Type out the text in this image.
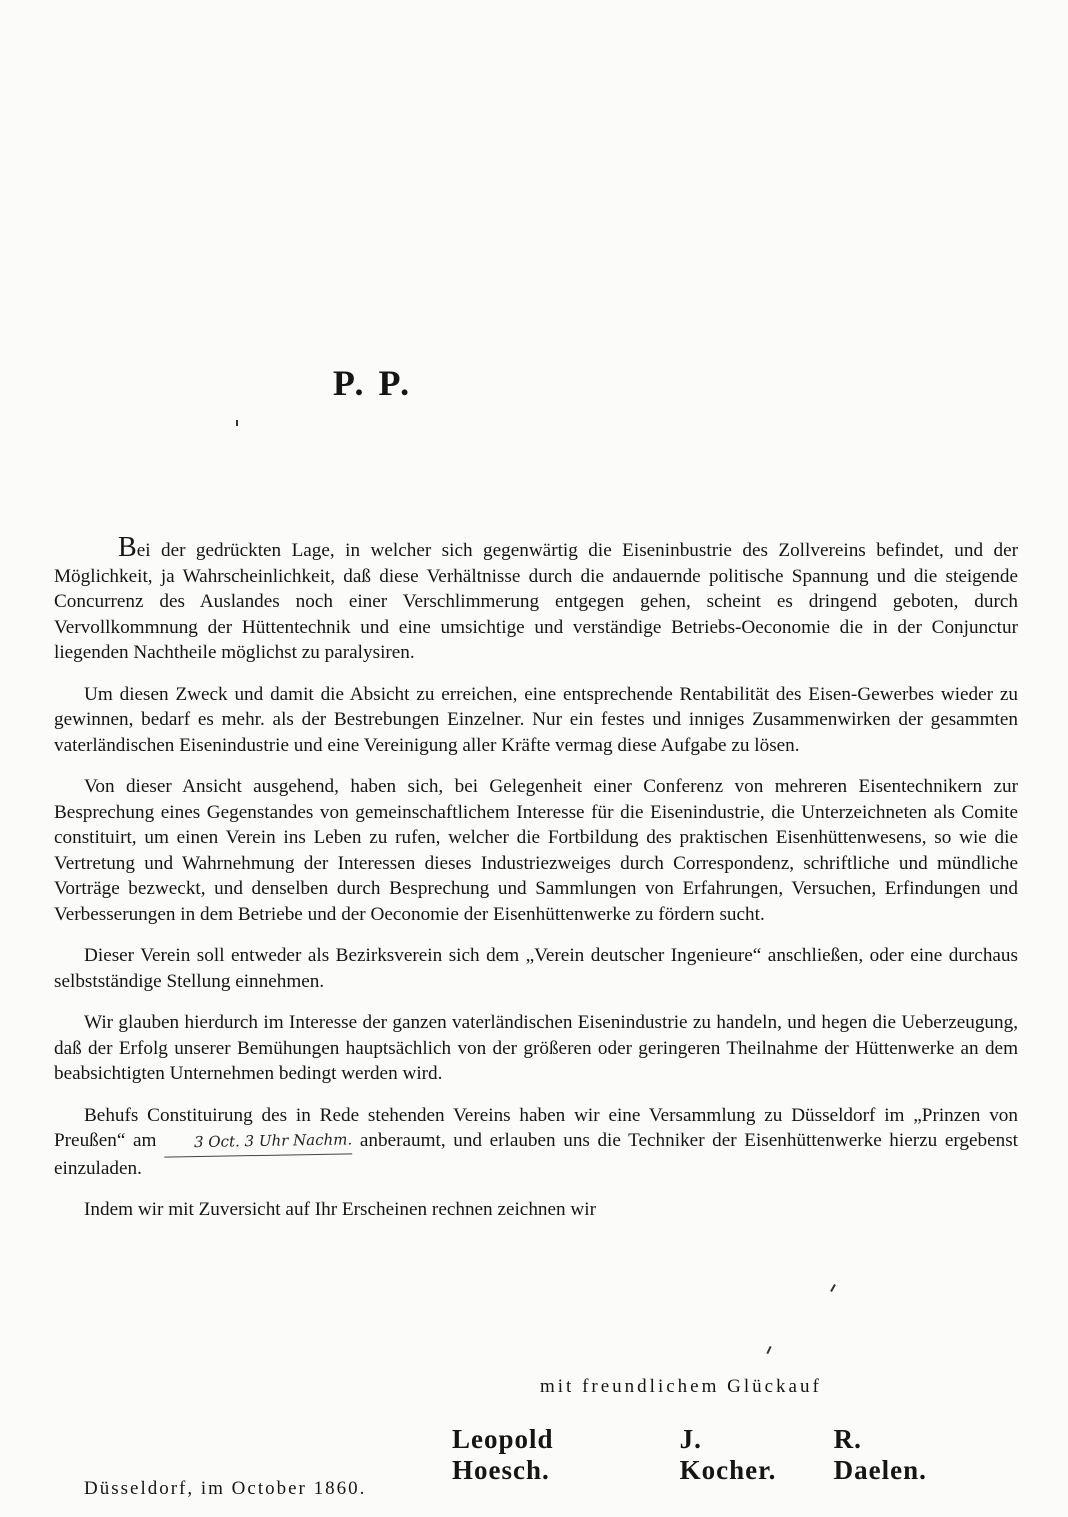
P. P.

Bei der gedrückten Lage, in welcher sich gegenwärtig die Eiseninbustrie des Zollvereins befindet, und der Möglichkeit, ja Wahrscheinlichkeit, daß diese Verhältnisse durch die andauernde politische Spannung und die steigende Concurrenz des Auslandes noch einer Verschlimmerung entgegen gehen, scheint es dringend geboten, durch Vervollkommnung der Hüttentechnik und eine umsichtige und verständige Betriebs-Oeconomie die in der Conjunctur liegenden Nachtheile möglichst zu paralysiren.

Um diesen Zweck und damit die Absicht zu erreichen, eine entsprechende Rentabilität des Eisen-Gewerbes wieder zu gewinnen, bedarf es mehr. als der Bestrebungen Einzelner. Nur ein festes und inniges Zusammenwirken der gesammten vaterländischen Eisenindustrie und eine Vereinigung aller Kräfte vermag diese Aufgabe zu lösen.

Von dieser Ansicht ausgehend, haben sich, bei Gelegenheit einer Conferenz von mehreren Eisentechnikern zur Besprechung eines Gegenstandes von gemeinschaftlichem Interesse für die Eisenindustrie, die Unterzeichneten als Comite constituirt, um einen Verein ins Leben zu rufen, welcher die Fortbildung des praktischen Eisenhüttenwesens, so wie die Vertretung und Wahrnehmung der Interessen dieses Industriezweiges durch Correspondenz, schriftliche und mündliche Vorträge bezweckt, und denselben durch Besprechung und Sammlungen von Erfahrungen, Versuchen, Erfindungen und Verbesserungen in dem Betriebe und der Oeconomie der Eisenhüttenwerke zu fördern sucht.

Dieser Verein soll entweder als Bezirksverein sich dem „Verein deutscher Ingenieure“ anschließen, oder eine durchaus selbstständige Stellung einnehmen.

Wir glauben hierdurch im Interesse der ganzen vaterländischen Eisenindustrie zu handeln, und hegen die Ueberzeugung, daß der Erfolg unserer Bemühungen hauptsächlich von der größeren oder geringeren Theilnahme der Hüttenwerke an dem beabsichtigten Unternehmen bedingt werden wird.

Behufs Constituirung des in Rede stehenden Vereins haben wir eine Versammlung zu Düsseldorf im „Prinzen von Preußen“ am 3 Oct. 3 Uhr Nachm. anberaumt, und erlauben uns die Techniker der Eisenhüttenwerke hierzu ergebenst einzuladen.

Indem wir mit Zuversicht auf Ihr Erscheinen rechnen zeichnen wir

mit freundlichem Glückauf
Leopold Hoesch.
J. Kocher.
R. Daelen.
Düsseldorf, im October 1860.
